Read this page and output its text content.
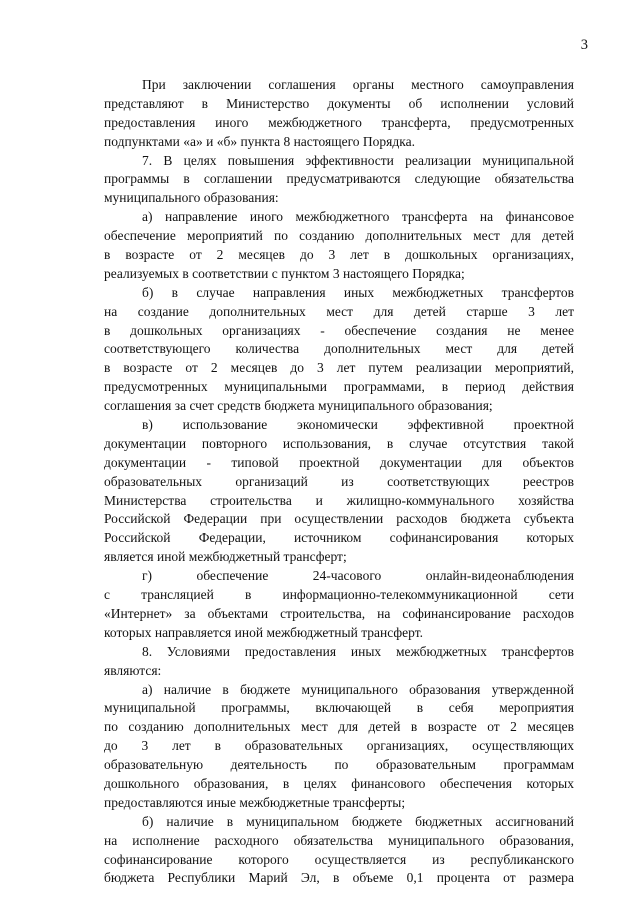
3
При заключении соглашения органы местного самоуправления
представляют в Министерство документы об исполнении условий
предоставления иного межбюджетного трансферта, предусмотренных
подпунктами «а» и «б» пункта 8 настоящего Порядка.
7. В целях повышения эффективности реализации муниципальной
программы в соглашении предусматриваются следующие обязательства
муниципального образования:
а) направление иного межбюджетного трансферта на финансовое
обеспечение мероприятий по созданию дополнительных мест для детей
в возрасте от 2 месяцев до 3 лет в дошкольных организациях,
реализуемых в соответствии с пунктом 3 настоящего Порядка;
б) в случае направления иных межбюджетных трансфертов
на создание дополнительных мест для детей старше 3 лет
в дошкольных организациях - обеспечение создания не менее
соответствующего количества дополнительных мест для детей
в возрасте от 2 месяцев до 3 лет путем реализации мероприятий,
предусмотренных муниципальными программами, в период действия
соглашения за счет средств бюджета муниципального образования;
в) использование экономически эффективной проектной
документации повторного использования, в случае отсутствия такой
документации - типовой проектной документации для объектов
образовательных организаций из соответствующих реестров
Министерства строительства и жилищно-коммунального хозяйства
Российской Федерации при осуществлении расходов бюджета субъекта
Российской Федерации, источником софинансирования которых
является иной межбюджетный трансферт;
г) обеспечение 24-часового онлайн-видеонаблюдения
с трансляцией в информационно-телекоммуникационной сети
«Интернет» за объектами строительства, на софинансирование расходов
которых направляется иной межбюджетный трансферт.
8. Условиями предоставления иных межбюджетных трансфертов
являются:
а) наличие в бюджете муниципального образования утвержденной
муниципальной программы, включающей в себя мероприятия
по созданию дополнительных мест для детей в возрасте от 2 месяцев
до 3 лет в образовательных организациях, осуществляющих
образовательную деятельность по образовательным программам
дошкольного образования, в целях финансового обеспечения которых
предоставляются иные межбюджетные трансферты;
б) наличие в муниципальном бюджете бюджетных ассигнований
на исполнение расходного обязательства муниципального образования,
софинансирование которого осуществляется из республиканского
бюджета Республики Марий Эл, в объеме 0,1 процента от размера
